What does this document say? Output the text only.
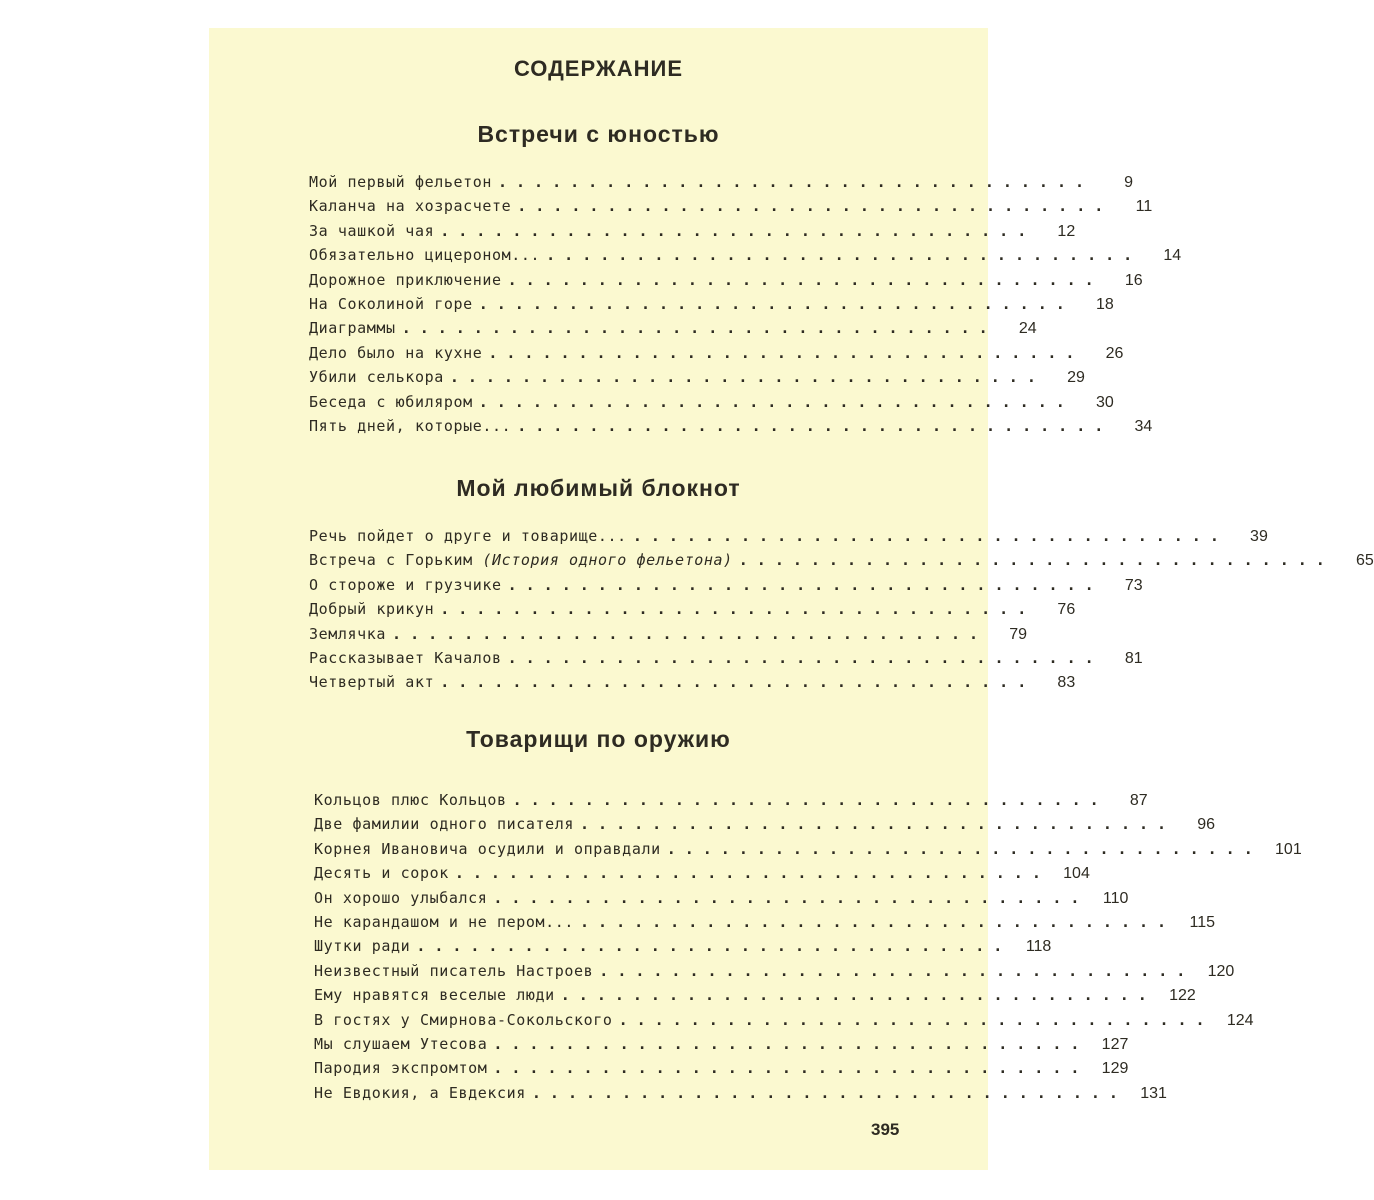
СОДЕРЖАНИЕ
Встречи с юностью
Мой первый фельетон .................................	9
Каланча на хозрасчете .................................	11
За чашкой чая .................................	12
Обязательно цицероном... .................................	14
Дорожное приключение .................................	16
На Соколиной горе .................................	18
Диаграммы .................................	24
Дело было на кухне .................................	26
Убили селькора .................................	29
Беседа с юбиляром .................................	30
Пять дней, которые... .................................	34
Мой любимый блокнот
Речь пойдет о друге и товарище... .................................	39
Встреча с Горьким (История одного фельетона) .................................	65
О стороже и грузчике .................................	73
Добрый крикун .................................	76
Землячка .................................	79
Рассказывает Качалов .................................	81
Четвертый акт .................................	83
Товарищи по оружию
Кольцов плюс Кольцов .................................	87
Две фамилии одного писателя .................................	96
Корнея Ивановича осудили и оправдали ................................. 101
Десять и сорок ................................. 104
Он хорошо улыбался ................................. 110
Не карандашом и не пером... ................................. 115
Шутки ради ................................. 118
Неизвестный писатель Настроев ................................. 120
Ему нравятся веселые люди ................................. 122
В гостях у Смирнова-Сокольского ................................. 124
Мы слушаем Утесова ................................. 127
Пародия экспромтом ................................. 129
Не Евдокия, а Евдексия ................................. 131
395
